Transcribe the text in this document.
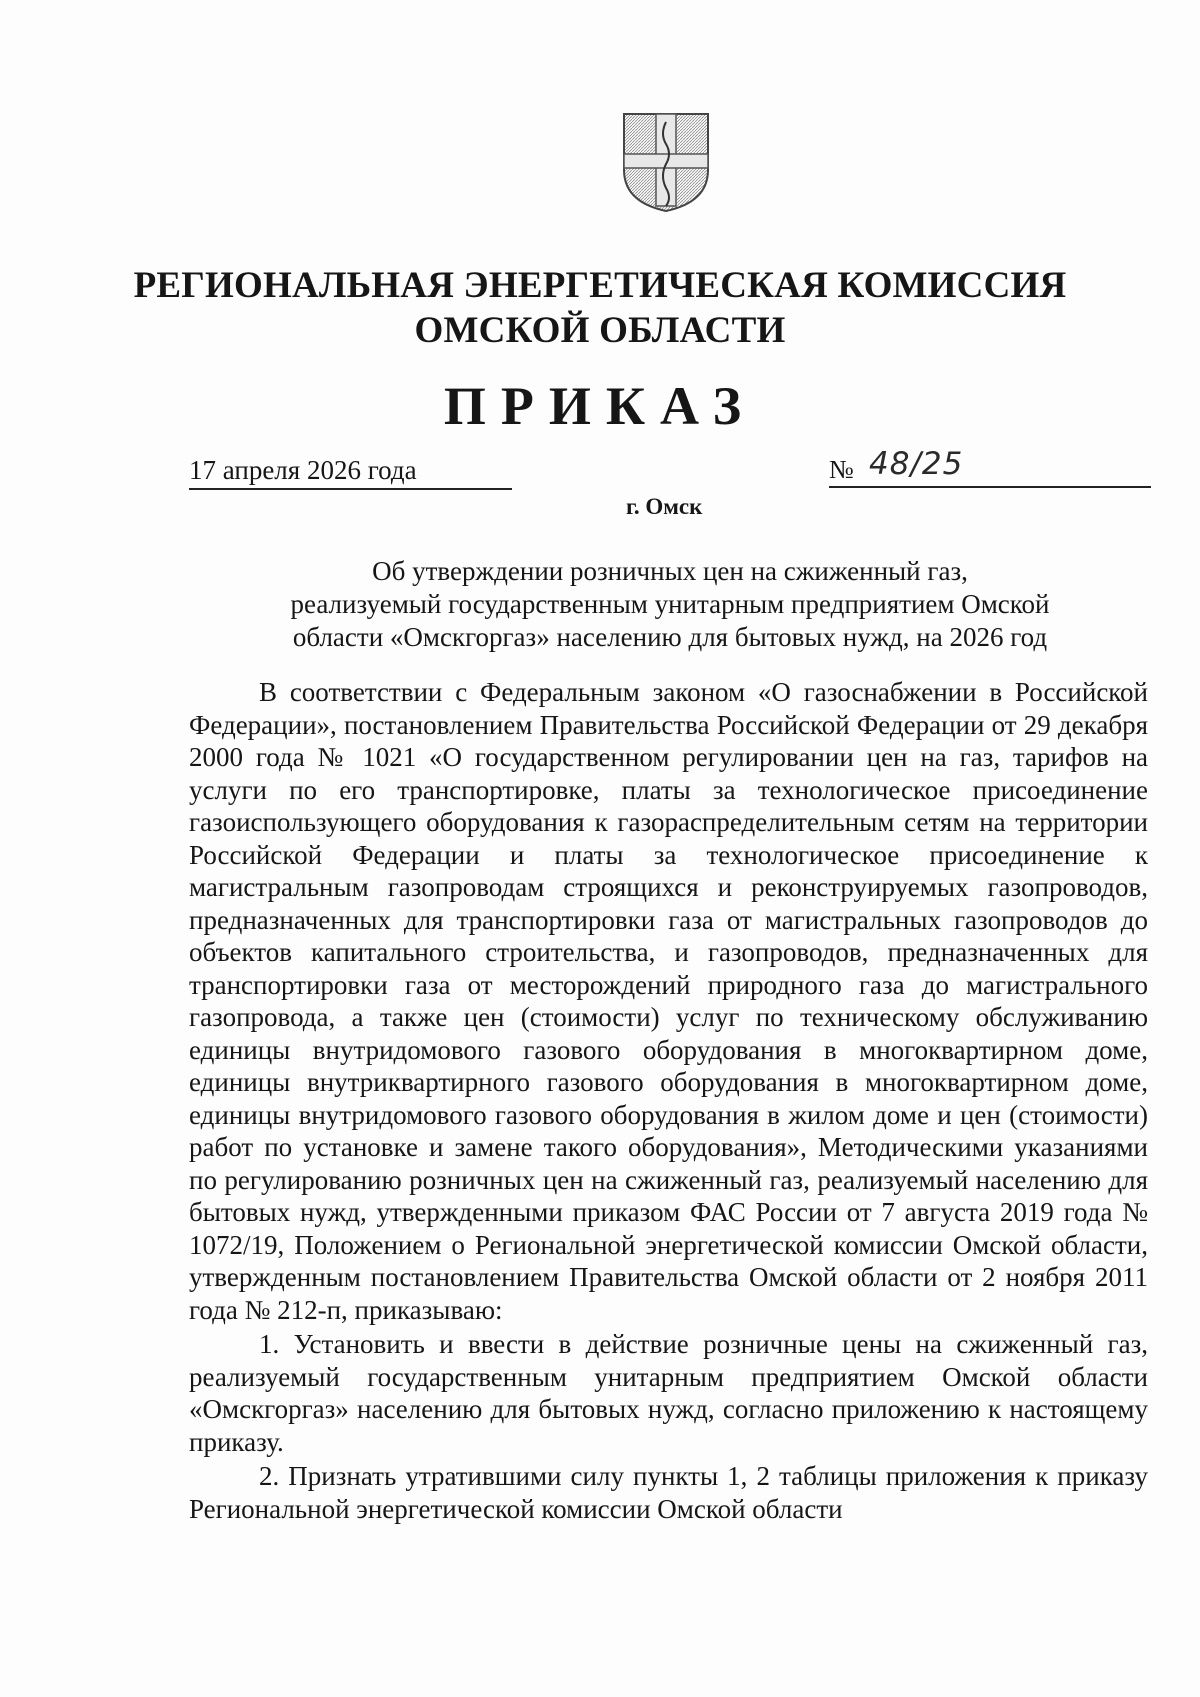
РЕГИОНАЛЬНАЯ ЭНЕРГЕТИЧЕСКАЯ КОМИССИЯ
ОМСКОЙ ОБЛАСТИ
ПРИКАЗ
17 апреля 2026 года	№ 48/25
г. Омск
Об утверждении розничных цен на сжиженный газ,
реализуемый государственным унитарным предприятием Омской
области «Омскгоргаз» населению для бытовых нужд, на 2026 год

В соответствии с Федеральным законом «О газоснабжении в Российской Федерации», постановлением Правительства Российской Федерации от 29 декабря 2000 года № 1021 «О государственном регулировании цен на газ, тарифов на услуги по его транспортировке, платы за технологическое присоединение газоиспользующего оборудования к газораспределительным сетям на территории Российской Федерации и платы за технологическое присоединение к магистральным газопроводам строящихся и реконструируемых газопроводов, предназначенных для транспортировки газа от магистральных газопроводов до объектов капитального строительства, и газопроводов, предназначенных для транспортировки газа от месторождений природного газа до магистрального газопровода, а также цен (стоимости) услуг по техническому обслуживанию единицы внутридомового газового оборудования в многоквартирном доме, единицы внутриквартирного газового оборудования в многоквартирном доме, единицы внутридомового газового оборудования в жилом доме и цен (стоимости) работ по установке и замене такого оборудования», Методическими указаниями по регулированию розничных цен на сжиженный газ, реализуемый населению для бытовых нужд, утвержденными приказом ФАС России от 7 августа 2019 года № 1072/19, Положением о Региональной энергетической комиссии Омской области, утвержденным постановлением Правительства Омской области от 2 ноября 2011 года № 212-п, приказываю:

1. Установить и ввести в действие розничные цены на сжиженный газ, реализуемый государственным унитарным предприятием Омской области «Омскгоргаз» населению для бытовых нужд, согласно приложению к настоящему приказу.

2. Признать утратившими силу пункты 1, 2 таблицы приложения к приказу Региональной энергетической комиссии Омской области
